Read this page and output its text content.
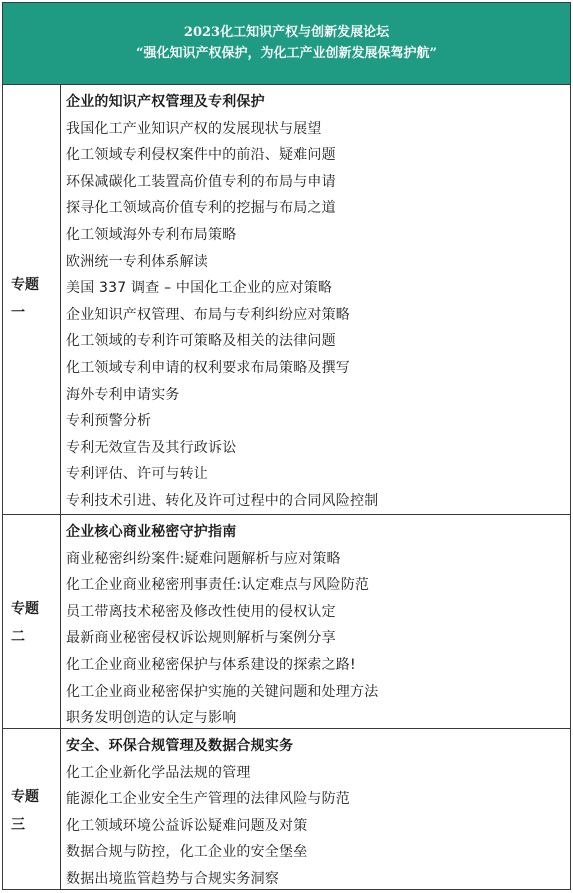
2023化工知识产权与创新发展论坛
“强化知识产权保护，为化工产业创新发展保驾护航”
专题
一
企业的知识产权管理及专利保护
我国化工产业知识产权的发展现状与展望
化工领域专利侵权案件中的前沿、疑难问题
环保减碳化工装置高价值专利的布局与申请
探寻化工领域高价值专利的挖掘与布局之道
化工领域海外专利布局策略
欧洲统一专利体系解读
美国 337 调查 – 中国化工企业的应对策略
企业知识产权管理、布局与专利纠纷应对策略
化工领域的专利许可策略及相关的法律问题
化工领域专利申请的权利要求布局策略及撰写
海外专利申请实务
专利预警分析
专利无效宣告及其行政诉讼
专利评估、许可与转让
专利技术引进、转化及许可过程中的合同风险控制
专题
二
企业核心商业秘密守护指南
商业秘密纠纷案件:疑难问题解析与应对策略
化工企业商业秘密刑事责任:认定难点与风险防范
员工带离技术秘密及修改性使用的侵权认定
最新商业秘密侵权诉讼规则解析与案例分享
化工企业商业秘密保护与体系建设的探索之路!
化工企业商业秘密保护实施的关键问题和处理方法
职务发明创造的认定与影响
专题
三
安全、环保合规管理及数据合规实务
化工企业新化学品法规的管理
能源化工企业安全生产管理的法律风险与防范
化工领域环境公益诉讼疑难问题及对策
数据合规与防控，化工企业的安全堡垒
数据出境监管趋势与合规实务洞察
